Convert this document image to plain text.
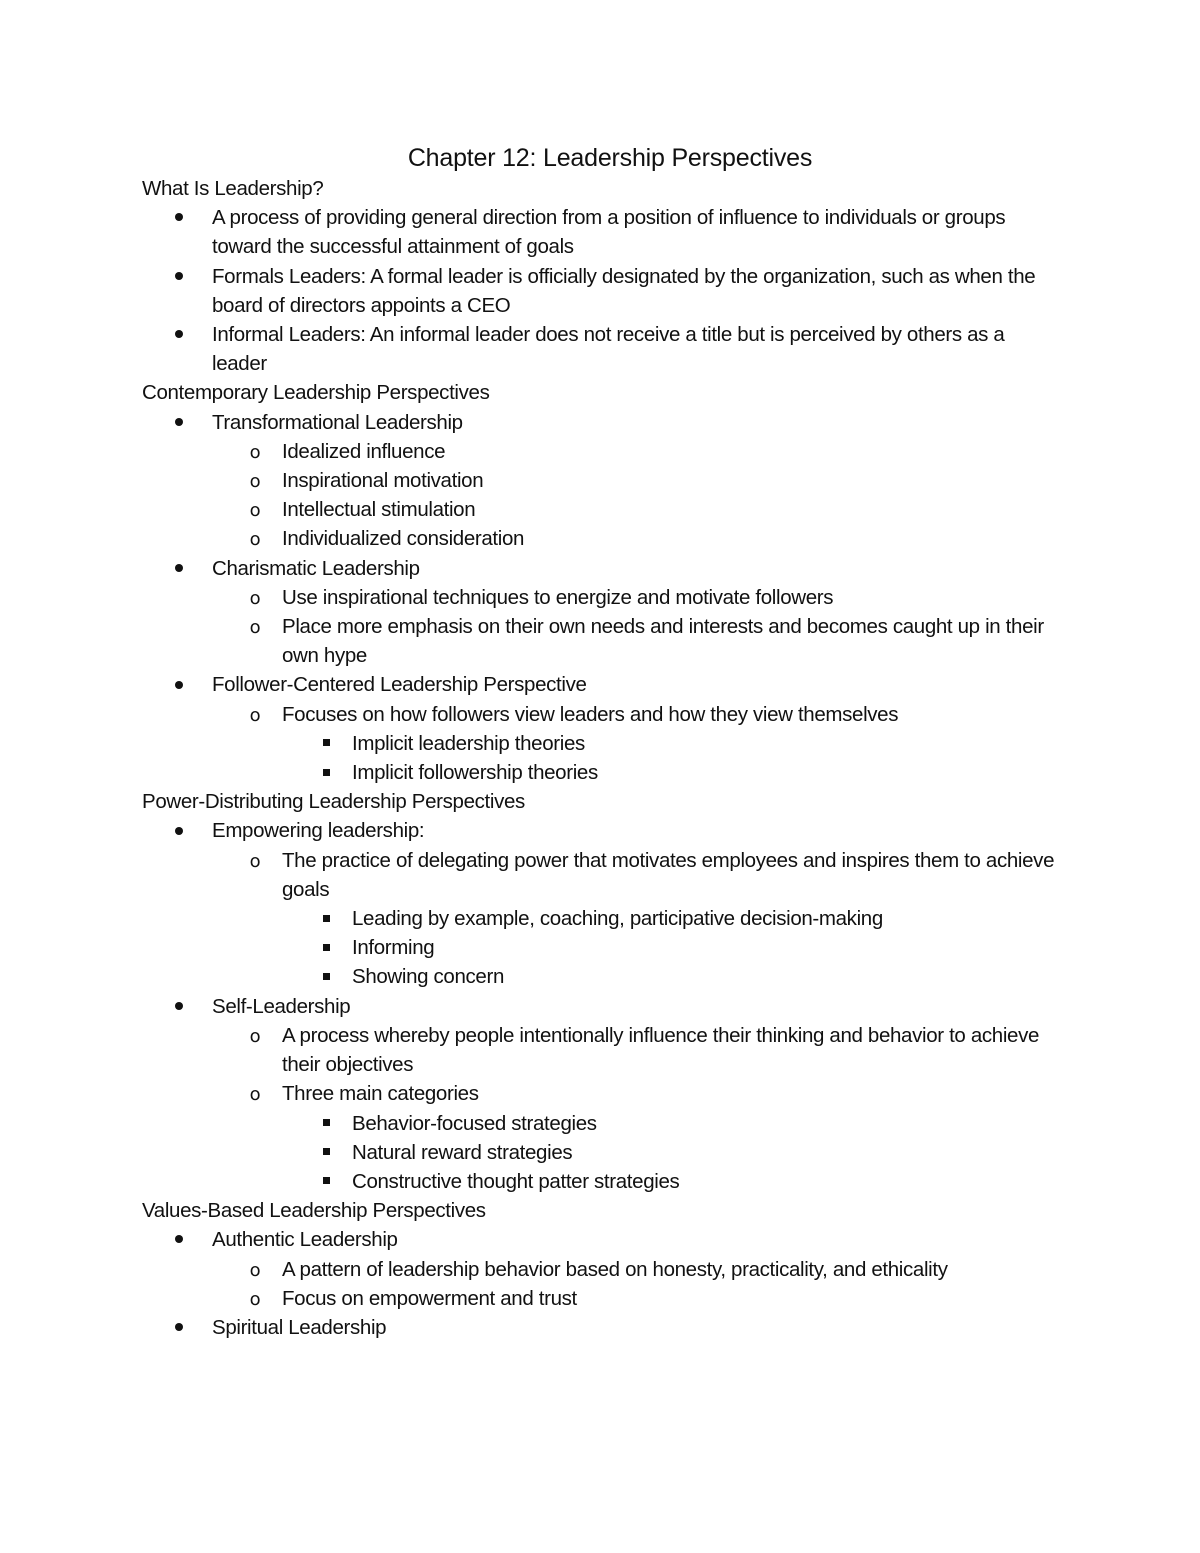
Chapter 12: Leadership Perspectives
What Is Leadership?
A process of providing general direction from a position of influence to individuals or groups toward the successful attainment of goals
Formals Leaders: A formal leader is officially designated by the organization, such as when the board of directors appoints a CEO
Informal Leaders: An informal leader does not receive a title but is perceived by others as a leader
Contemporary Leadership Perspectives
Transformational Leadership
o Idealized influence
o Inspirational motivation
o Intellectual stimulation
o Individualized consideration
Charismatic Leadership
o Use inspirational techniques to energize and motivate followers
o Place more emphasis on their own needs and interests and becomes caught up in their own hype
Follower-Centered Leadership Perspective
o Focuses on how followers view leaders and how they view themselves
Implicit leadership theories
Implicit followership theories
Power-Distributing Leadership Perspectives
Empowering leadership:
o The practice of delegating power that motivates employees and inspires them to achieve goals
Leading by example, coaching, participative decision-making
Informing
Showing concern
Self-Leadership
o A process whereby people intentionally influence their thinking and behavior to achieve their objectives
o Three main categories
Behavior-focused strategies
Natural reward strategies
Constructive thought patter strategies
Values-Based Leadership Perspectives
Authentic Leadership
o A pattern of leadership behavior based on honesty, practicality, and ethicality
o Focus on empowerment and trust
Spiritual Leadership
